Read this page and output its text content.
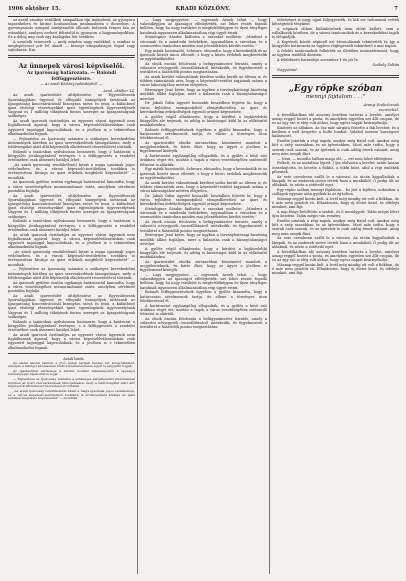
1906 október 15.	KRADI KÖZLÖNY.	7

az avatil szindus verdilkeli szinpadkon itjn mukodesit, az gyonyoru tapsenkeben és kitünő hozhasesban jutalmasbitva s dicserben. A gyerenyastolo szinpad nimlytenebb elhoniti fedeztek fenyes fan az estnaldott, amilyen ezekett feltetelül is gyonyoru a hagyományokban. Ez a dolog mig csak egy kaslagoka lett ezekben.

A szonfolk szineszek — mely minden nagy emlekkel, a szinhaz is meglepetessel jott fel akadt — bizonyi szinpadavigas fogad ragy sujtokaras. Kzz.

Az ünnepek városi képviselői.
Az iparosság határozata. — Balondi felfüggesztésre.
— Az Aradi Közlöny tudósítójától. —

Arad, október 14.

Az aradi ipartestület altiljelentése az Egyesülésesek Sportalapjában ügyessé és elfogadó ünnepélyek tartásnak az Igazgatóság koncentrációnál bizonyára szóvá és teszi, a különböző ipari elsőségi részvényekkel ipari egyenlegének ügyvezetőjének Vagyoni és 1 millióig tőkéjének fontos szerepet az Igazgatóságnak szükséges.

Az aradi iparosok ösztöndíjra az egyszeri városi ügyrendi nem foglalkoznak ágaival, hogy a városi képviselőválasztásban csak egyszerű tagsággal kapcsolódnak, és a jövőben is e tekintetben alkalmazkodni fognak.

— Fejlesztése az Iparosság számára a szükséges kereskedelmi intézmények körében az ipari szervezkedések támogatására, mely a felülvizsgálat alatt álló képviselők elkötelezett részvételével történik.

Balondi a tanácsban nyilvánosan beismerte, hogy a határozat a közgyűlés jóváhagyásával érvényes, s a felfüggesztés a rendelet értelmében csak átmeneti hatályú lehet.

„Az aradi iparosság rendületlenül kitart a maga igazának jogos védelmében, és a városi képviselő-testületben továbbra is érvényesíteni kívánja az ipari érdekek megfelelő képviseletét" — mondták.

Az iparosok gyűlése ezután egyhangú határozattal kimondta, hogy a város vezetőségéhez memorandumot intéz, amelyben sérelmeit pontokba foglalja.

Az aradi ipartestület altiljelentése az Egyesülésesek Sportalapjában ügyessé és elfogadó ünnepélyek tartásnak az Igazgatóság koncentrációnál bizonyára szóvá és teszi, a különböző ipari elsőségi részvényekkel ipari egyenlegének ügyvezetőjének Vagyoni és 1 millióig tőkéjének fontos szerepet az Igazgatóságnak szükséges.

Balondi a tanácsban nyilvánosan beismerte, hogy a határozat a közgyűlés jóváhagyásával érvényes, s a felfüggesztés a rendelet értelmében csak átmeneti hatályú lehet.

Az aradi iparosok ösztöndíjra az egyszeri városi ügyrendi nem foglalkoznak ágaival, hogy a városi képviselőválasztásban csak egyszerű tagsággal kapcsolódnak, és a jövőben is e tekintetben alkalmazkodni fognak.

„Az aradi iparosság rendületlenül kitart a maga igazának jogos védelmében, és a városi képviselő-testületben továbbra is érvényesíteni kívánja az ipari érdekek megfelelő képviseletét" — mondták.

— Fejlesztése az Iparosság számára a szükséges kereskedelmi intézmények körében az ipari szervezkedések támogatására, mely a felülvizsgálat alatt álló képviselők elkötelezett részvételével történik.

Az iparosok gyűlése ezután egyhangú határozattal kimondta, hogy a város vezetőségéhez memorandumot intéz, amelyben sérelmeit pontokba foglalja.

Az aradi ipartestület altiljelentése az Egyesülésesek Sportalapjában ügyessé és elfogadó ünnepélyek tartásnak az Igazgatóság koncentrációnál bizonyára szóvá és teszi, a különböző ipari elsőségi részvényekkel ipari egyenlegének ügyvezetőjének Vagyoni és 1 millióig tőkéjének fontos szerepet az Igazgatóságnak szükséges.

Balondi a tanácsban nyilvánosan beismerte, hogy a határozat a közgyűlés jóváhagyásával érvényes, s a felfüggesztés a rendelet értelmében csak átmeneti hatályú lehet.

Az aradi iparosok ösztöndíjra az egyszeri városi ügyrendi nem foglalkoznak ágaival, hogy a városi képviselőválasztásban csak egyszerű tagsággal kapcsolódnak, és a jövőben is e tekintetben alkalmazkodni fognak.

Aradi hírek.

Az elemi iskolai tanítók a jövő héten tartják rendes évi közgyűlésüket, amelyen a tanügyi kérdéseken kívül a fizetésrendezés ügyét is tárgyalni fogják.

Az ipartestület elnöksége a kérdés további fejleményeiről a tagságot rendszeresen tájékoztatni fogja.

— Fejlesztése az Iparosság számára a szükséges kereskedelmi intézmények körében az ipari szervezkedések támogatására, mely a felülvizsgálat alatt álló képviselők elkötelezett részvételével történik.

„Az aradi iparosság rendületlenül kitart a maga igazának jogos védelmében, és a városi képviselő-testületben továbbra is érvényesíteni kívánja az ipari érdekek megfelelő képviseletét" — mondták.

— Lagy megjegyzése, — egyesnek Arnek tehát — hogy valamiképpen az igazságot elfelejtették, azt lehet részét fogadó kellően, hogy ha nagy területet is megfelelőképpen és ilyen tényleges hatalmak ugyanezen alkalmazásában régi ügyét érinti.

Steinfogner Sándor kiáltotta e szavakat mellette: „Mindent a városnak és a mindenki érdekében, ugyanabban a városban és a szomszédos tanácsban minden mai jelentéktelen kérdés esetén."

Egy másik hozzászóló, Schwarz, elmondta, hogy a kereskedők és az iparosok között nincs ellentét, s hogy a közös érdekek megkövetelik az együttműködést.

Az elnök ezután felolvasta a belügyminiszter leiratát, amely a választói névjegyzék összeállításáról intézkedik, és figyelmezteti a testületet a határidők pontos megtartására.

Az aradi kerület választóinak kérdése szóba került az ülésen is, és többen rámutattak arra, hogy a képviselő-testület tagjainak száma a város lakosságához mérten elégtelen.

Bérenyger Jenő kérte, hogy az ügyben a törvényhatósági bizottság mielőbb állást foglaljon, mert a halasztás csak a bizonytalanságot növelné.

Dr. Jakab Ödön ügyvéd hosszabb beszédben fejtette ki, hogy a város fejlődése szempontjából elengedhetetlen az ipari és kereskedelmi érdekeltségek egyenlő arányú képviselete.

A gyűlés végül elhatározta, hogy a kérdést a legközelebbi közgyűlés elé terjeszti, és addig is bizottságot küld ki az előkészítő munkálatokra.

Balondi felfüggesztésének ügyében a gyűlés kimondta, hogy a határozatot sérelmesnek tartja, és ellene a törvényes úton felebbezéssel él.

Az ipartestület elnöke zárszavában köszönetet mondott a megjelenteknek, és kérte őket, hogy az ügyet a jövőben is figyelemmel kísérjék.

A határozatot egyhangúlag elfogadták, és a gyűlés a késő esti órákban véget ért, miután a tagok a város vezetőségéhez intézendő feliratot is aláírták.

Egy másik hozzászóló, Schwarz, elmondta, hogy a kereskedők és az iparosok között nincs ellentét, s hogy a közös érdekek megkövetelik az együttműködést.

Az aradi kerület választóinak kérdése szóba került az ülésen is, és többen rámutattak arra, hogy a képviselő-testület tagjainak száma a város lakosságához mérten elégtelen.

Dr. Jakab Ödön ügyvéd hosszabb beszédben fejtette ki, hogy a város fejlődése szempontjából elengedhetetlen az ipari és kereskedelmi érdekeltségek egyenlő arányú képviselete.

Steinfogner Sándor kiáltotta e szavakat mellette: „Mindent a városnak és a mindenki érdekében, ugyanabban a városban és a szomszédos tanácsban minden mai jelentéktelen kérdés esetén."

Az elnök ezután felolvasta a belügyminiszter leiratát, amely a választói névjegyzék összeállításáról intézkedik, és figyelmezteti a testületet a határidők pontos megtartására.

Bérenyger Jenő kérte, hogy az ügyben a törvényhatósági bizottság mielőbb állást foglaljon, mert a halasztás csak a bizonytalanságot növelné.

A gyűlés végül elhatározta, hogy a kérdést a legközelebbi közgyűlés elé terjeszti, és addig is bizottságot küld ki az előkészítő munkálatokra.

Az ipartestület elnöke zárszavában köszönetet mondott a megjelenteknek, és kérte őket, hogy az ügyet a jövőben is figyelemmel kísérjék.

— Lagy megjegyzése, — egyesnek Arnek tehát — hogy valamiképpen az igazságot elfelejtették, azt lehet részét fogadó kellően, hogy ha nagy területet is megfelelőképpen és ilyen tényleges hatalmak ugyanezen alkalmazásában régi ügyét érinti.

Balondi felfüggesztésének ügyében a gyűlés kimondta, hogy a határozatot sérelmesnek tartja, és ellene a törvényes úton felebbezéssel él.

A határozatot egyhangúlag elfogadták, és a gyűlés a késő esti órákban véget ért, miután a tagok a város vezetőségéhez intézendő feliratot is aláírták.

Az elnök ezután felolvasta a belügyminiszter leiratát, amely a választói névjegyzék összeállításáról intézkedik, és figyelmezteti a testületet a határidők pontos megtartására.

tehetséget is nagy ujjait följegyezték, és kik ezt tudomásul vették kétségtelen tényként.

A népinek ebben különbözőnek nem előírt kellett, sem a vállalkozók körében, de a városi tanácsnokok és a kereskedelmi tagok is elfogadják.

A Kepviseli között népiszél ezt átvonulásnak tekintették és így a közgyűlés határozata az ügyben véglegesnek tekinthető a mai napon.

A felelős tanácsnokok felkérték az illetékes minisztériumot, hogy az ügyben mielőbb döntsön.

A felebbezés határideje november 1-én jár le.

Székely Zoltán

Nagyvárad.

„Egy röpke szóban
mennyi fájdalom . . ."

Aranyi Szabolcsnak

szeretettel.

A feredőkádban ülő asszony kezében tartotta a levelet, amelyet aznap reggel hozott a posta, és amelyben egyetlen szó állt csupán, de ez az egy szó is elég volt ahhoz, hogy egész napját beárnyékolja.

Kinézett az ablakon. Az ősz már sárgára festette a fák leveleit, és a kertben a szél kergette a hulló lombot. Valahol messze harangszó hallatszott.

Eszébe jutottak a régi napok, amikor még fiatal volt, amikor még hitt a szép szavakban és az ígéretekben. Most már tudta, hogy a szavak csak szavak, és az ígéretek is csak addig érnek valamit, amíg meg nem szegik őket.

— Nem, — mondta halkan maga elé, — ezt nem lehet elfelejteni.

Felkelt, és az asztalhoz lépett. Újra elolvasta a levelet, aztán lassan összehajtotta, és betette a fiókba, a többi közé, ahol a régi emlékek pihentek.

Az este csendesen szállt le a városra. Az utcán kigyulladtak a lámpák, és az emberek sietve tértek haza a munkából. Ő pedig ült az ablaknál, és nézte a sötétedő eget.

Egy röpke szóban mennyi fájdalom... Ez járt a fejében, miközben a csillagok egymás után gyúltak ki az égbolton.

Másnap reggel korán kelt. A levél még mindig ott volt a fiókban, de ő már nem gondolt rá. Elhatározta, hogy új életet kezd, és elfelejti mindazt, ami fájt.

A nap fénye betöltötte a szobát, és ő mosolygott. Talán mégis lehet újra kezdeni. Talán mégis van remény.

Eszébe jutottak a régi napok, amikor még fiatal volt, amikor még hitt a szép szavakban és az ígéretekben. Most már tudta, hogy a szavak csak szavak, és az ígéretek is csak addig érnek valamit, amíg meg nem szegik őket.

Az este csendesen szállt le a városra. Az utcán kigyulladtak a lámpák, és az emberek sietve tértek haza a munkából. Ő pedig ült az ablaknál, és nézte a sötétedő eget.

A feredőkádban ülő asszony kezében tartotta a levelet, amelyet aznap reggel hozott a posta, és amelyben egyetlen szó állt csupán, de ez az egy szó is elég volt ahhoz, hogy egész napját beárnyékolja.

Másnap reggel korán kelt. A levél még mindig ott volt a fiókban, de ő már nem gondolt rá. Elhatározta, hogy új életet kezd, és elfelejti mindazt, ami fájt.
